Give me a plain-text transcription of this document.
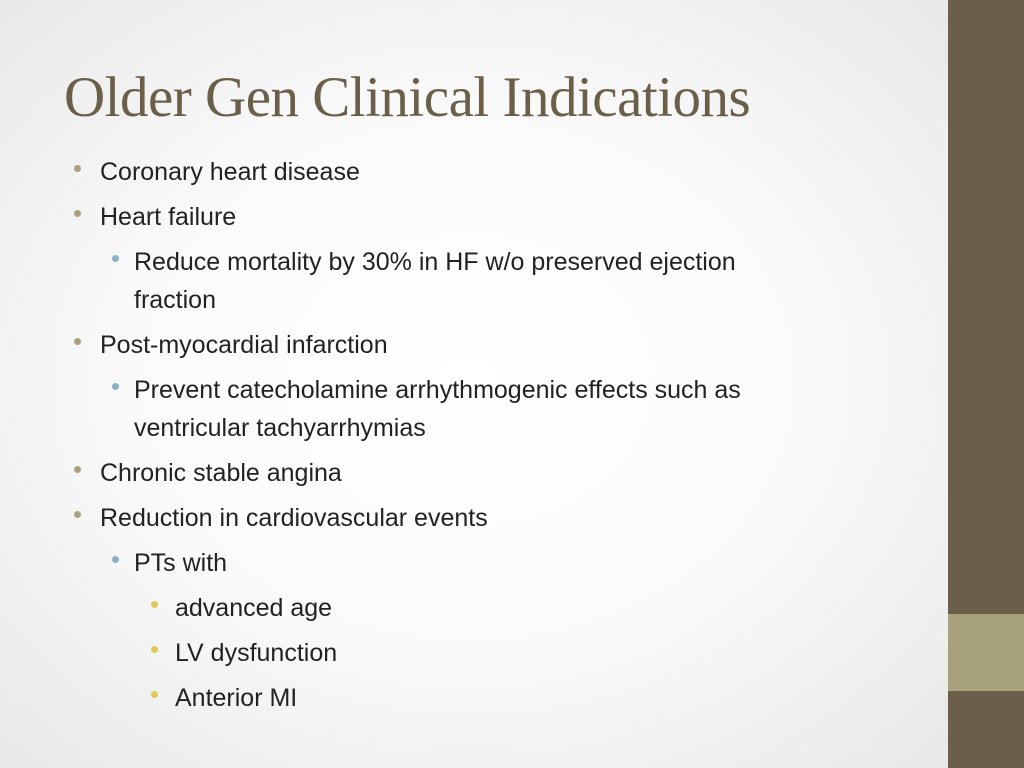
Older Gen Clinical Indications
Coronary heart disease
Heart failure
Reduce mortality by 30% in HF w/o preserved ejection
fraction
Post-myocardial infarction
Prevent catecholamine arrhythmogenic effects such as
ventricular tachyarrhymias
Chronic stable angina
Reduction in cardiovascular events
PTs with
advanced age
LV dysfunction
Anterior MI
